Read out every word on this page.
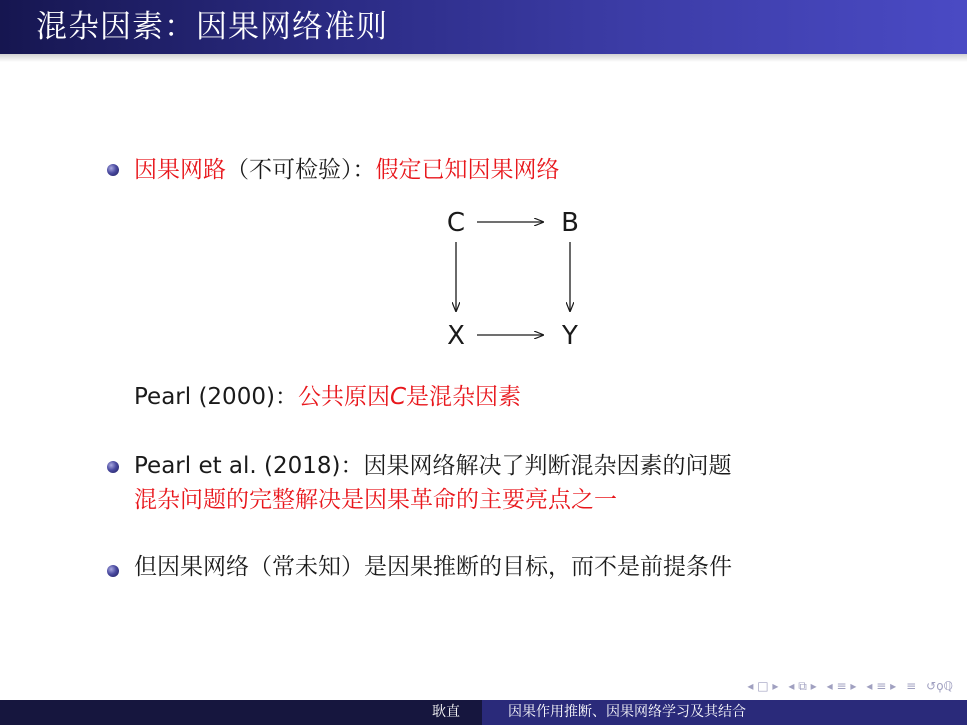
混杂因素：因果网络准则
因果网路（不可检验）：假定已知因果网络
C	B
X	Y
Pearl (2000)：公共原因C是混杂因素
Pearl et al. (2018)：因果网络解决了判断混杂因素的问题
混杂问题的完整解决是因果革命的主要亮点之一
但因果网络（常未知）是因果推断的目标，而不是前提条件
◂ □ ▸ ◂ ⧉ ▸ ◂ ≡ ▸ ◂ ≡ ▸ ≡ ↺ϙℚ
耿直	因果作用推断、因果网络学习及其结合
